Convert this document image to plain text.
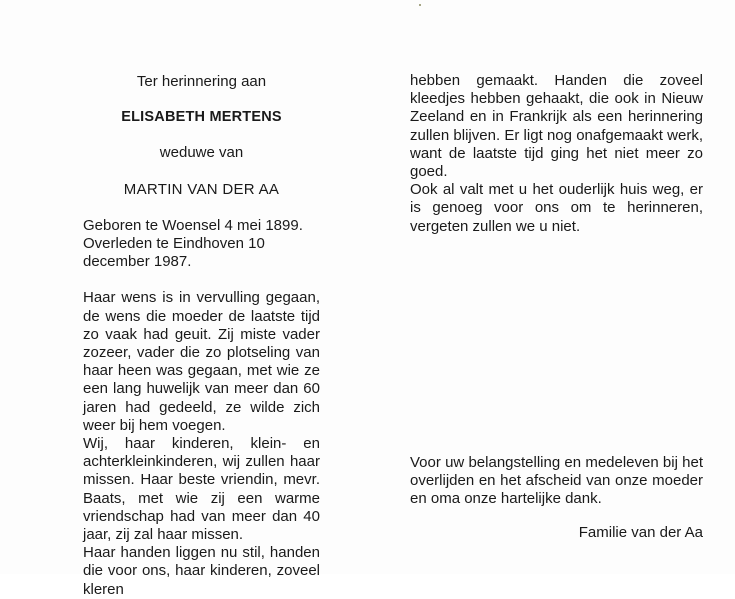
Ter herinnering aan

ELISABETH MERTENS

weduwe van

MARTIN VAN DER AA

Geboren te Woensel 4 mei 1899.

Overleden te Eindhoven 10 december 1987.

Haar wens is in vervulling gegaan, de wens die moeder de laatste tijd zo vaak had geuit. Zij miste vader zozeer, vader die zo plotseling van haar heen was gegaan, met wie ze een lang huwelijk van meer dan 60 jaren had gedeeld, ze wilde zich weer bij hem voegen.

Wij, haar kinderen, klein- en achterkleinkinderen, wij zullen haar missen. Haar beste vriendin, mevr. Baats, met wie zij een warme vriendschap had van meer dan 40 jaar, zij zal haar missen.

Haar handen liggen nu stil, handen die voor ons, haar kinderen, zoveel kleren

hebben gemaakt. Handen die zoveel kleedjes hebben gehaakt, die ook in Nieuw Zeeland en in Frankrijk als een herinnering zullen blijven. Er ligt nog onafgemaakt werk, want de laatste tijd ging het niet meer zo goed.

Ook al valt met u het ouderlijk huis weg, er is genoeg voor ons om te herinneren, vergeten zullen we u niet.

Voor uw belangstelling en medeleven bij het overlijden en het afscheid van onze moeder en oma onze hartelijke dank.

Familie van der Aa
